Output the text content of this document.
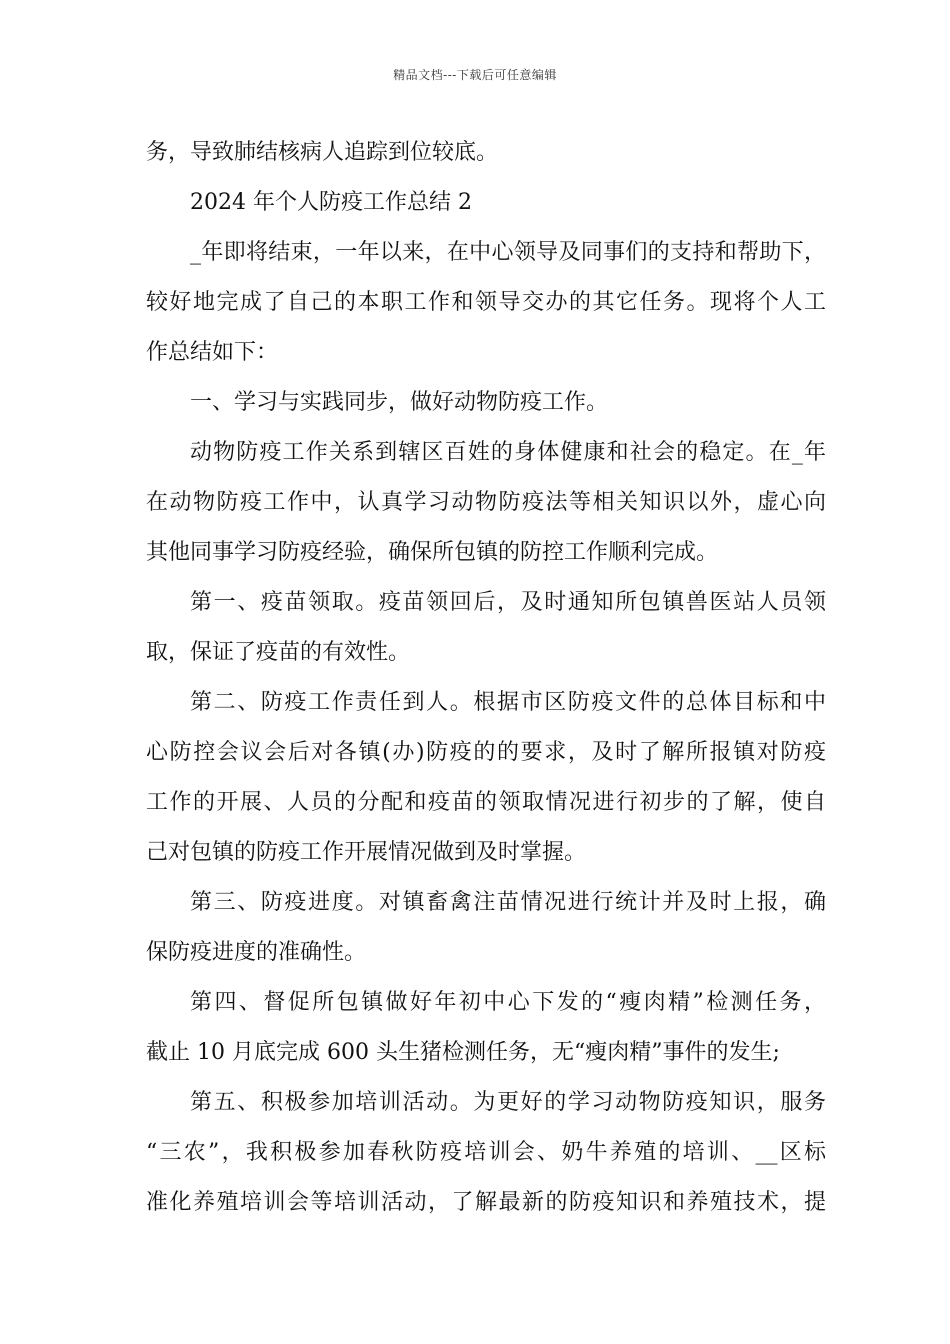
精品文档---下载后可任意编辑
务，导致肺结核病人追踪到位较底。
2024 年个人防疫工作总结 2
_年即将结束，一年以来，在中心领导及同事们的支持和帮助下，
较好地完成了自己的本职工作和领导交办的其它任务。现将个人工
作总结如下：
一、学习与实践同步，做好动物防疫工作。
动物防疫工作关系到辖区百姓的身体健康和社会的稳定。在_年
在动物防疫工作中，认真学习动物防疫法等相关知识以外，虚心向
其他同事学习防疫经验，确保所包镇的防控工作顺利完成。
第一、疫苗领取。疫苗领回后，及时通知所包镇兽医站人员领
取，保证了疫苗的有效性。
第二、防疫工作责任到人。根据市区防疫文件的总体目标和中
心防控会议会后对各镇(办)防疫的的要求，及时了解所报镇对防疫
工作的开展、人员的分配和疫苗的领取情况进行初步的了解，使自
己对包镇的防疫工作开展情况做到及时掌握。
第三、防疫进度。对镇畜禽注苗情况进行统计并及时上报，确
保防疫进度的准确性。
第四、督促所包镇做好年初中心下发的“瘦肉精”检测任务，
截止 10 月底完成 600 头生猪检测任务，无“瘦肉精”事件的发生;
第五、积极参加培训活动。为更好的学习动物防疫知识，服务
“三农”，我积极参加春秋防疫培训会、奶牛养殖的培训、__区标
准化养殖培训会等培训活动，了解最新的防疫知识和养殖技术，提
